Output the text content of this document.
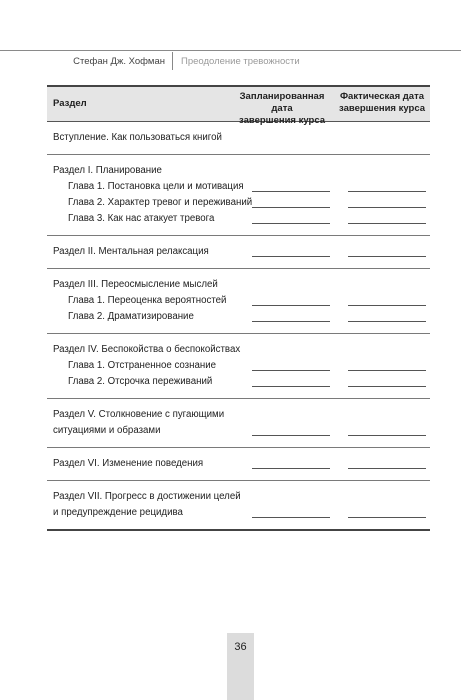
Стефан Дж. Хофман Преодоление тревожности
Раздел
Запланированная дата
завершения курса
Фактическая дата
завершения курса
Вступление. Как пользоваться книгой
Раздел I. Планирование
Глава 1. Постановка цели и мотивация
Глава 2. Характер тревог и переживаний
Глава 3. Как нас атакует тревога
Раздел II. Ментальная релаксация
Раздел III. Переосмысление мыслей
Глава 1. Переоценка вероятностей
Глава 2. Драматизирование
Раздел IV. Беспокойства о беспокойствах
Глава 1. Отстраненное сознание
Глава 2. Отсрочка переживаний
Раздел V. Столкновение с пугающими
ситуациями и образами
Раздел VI. Изменение поведения
Раздел VII. Прогресс в достижении целей
и предупреждение рецидива
36
